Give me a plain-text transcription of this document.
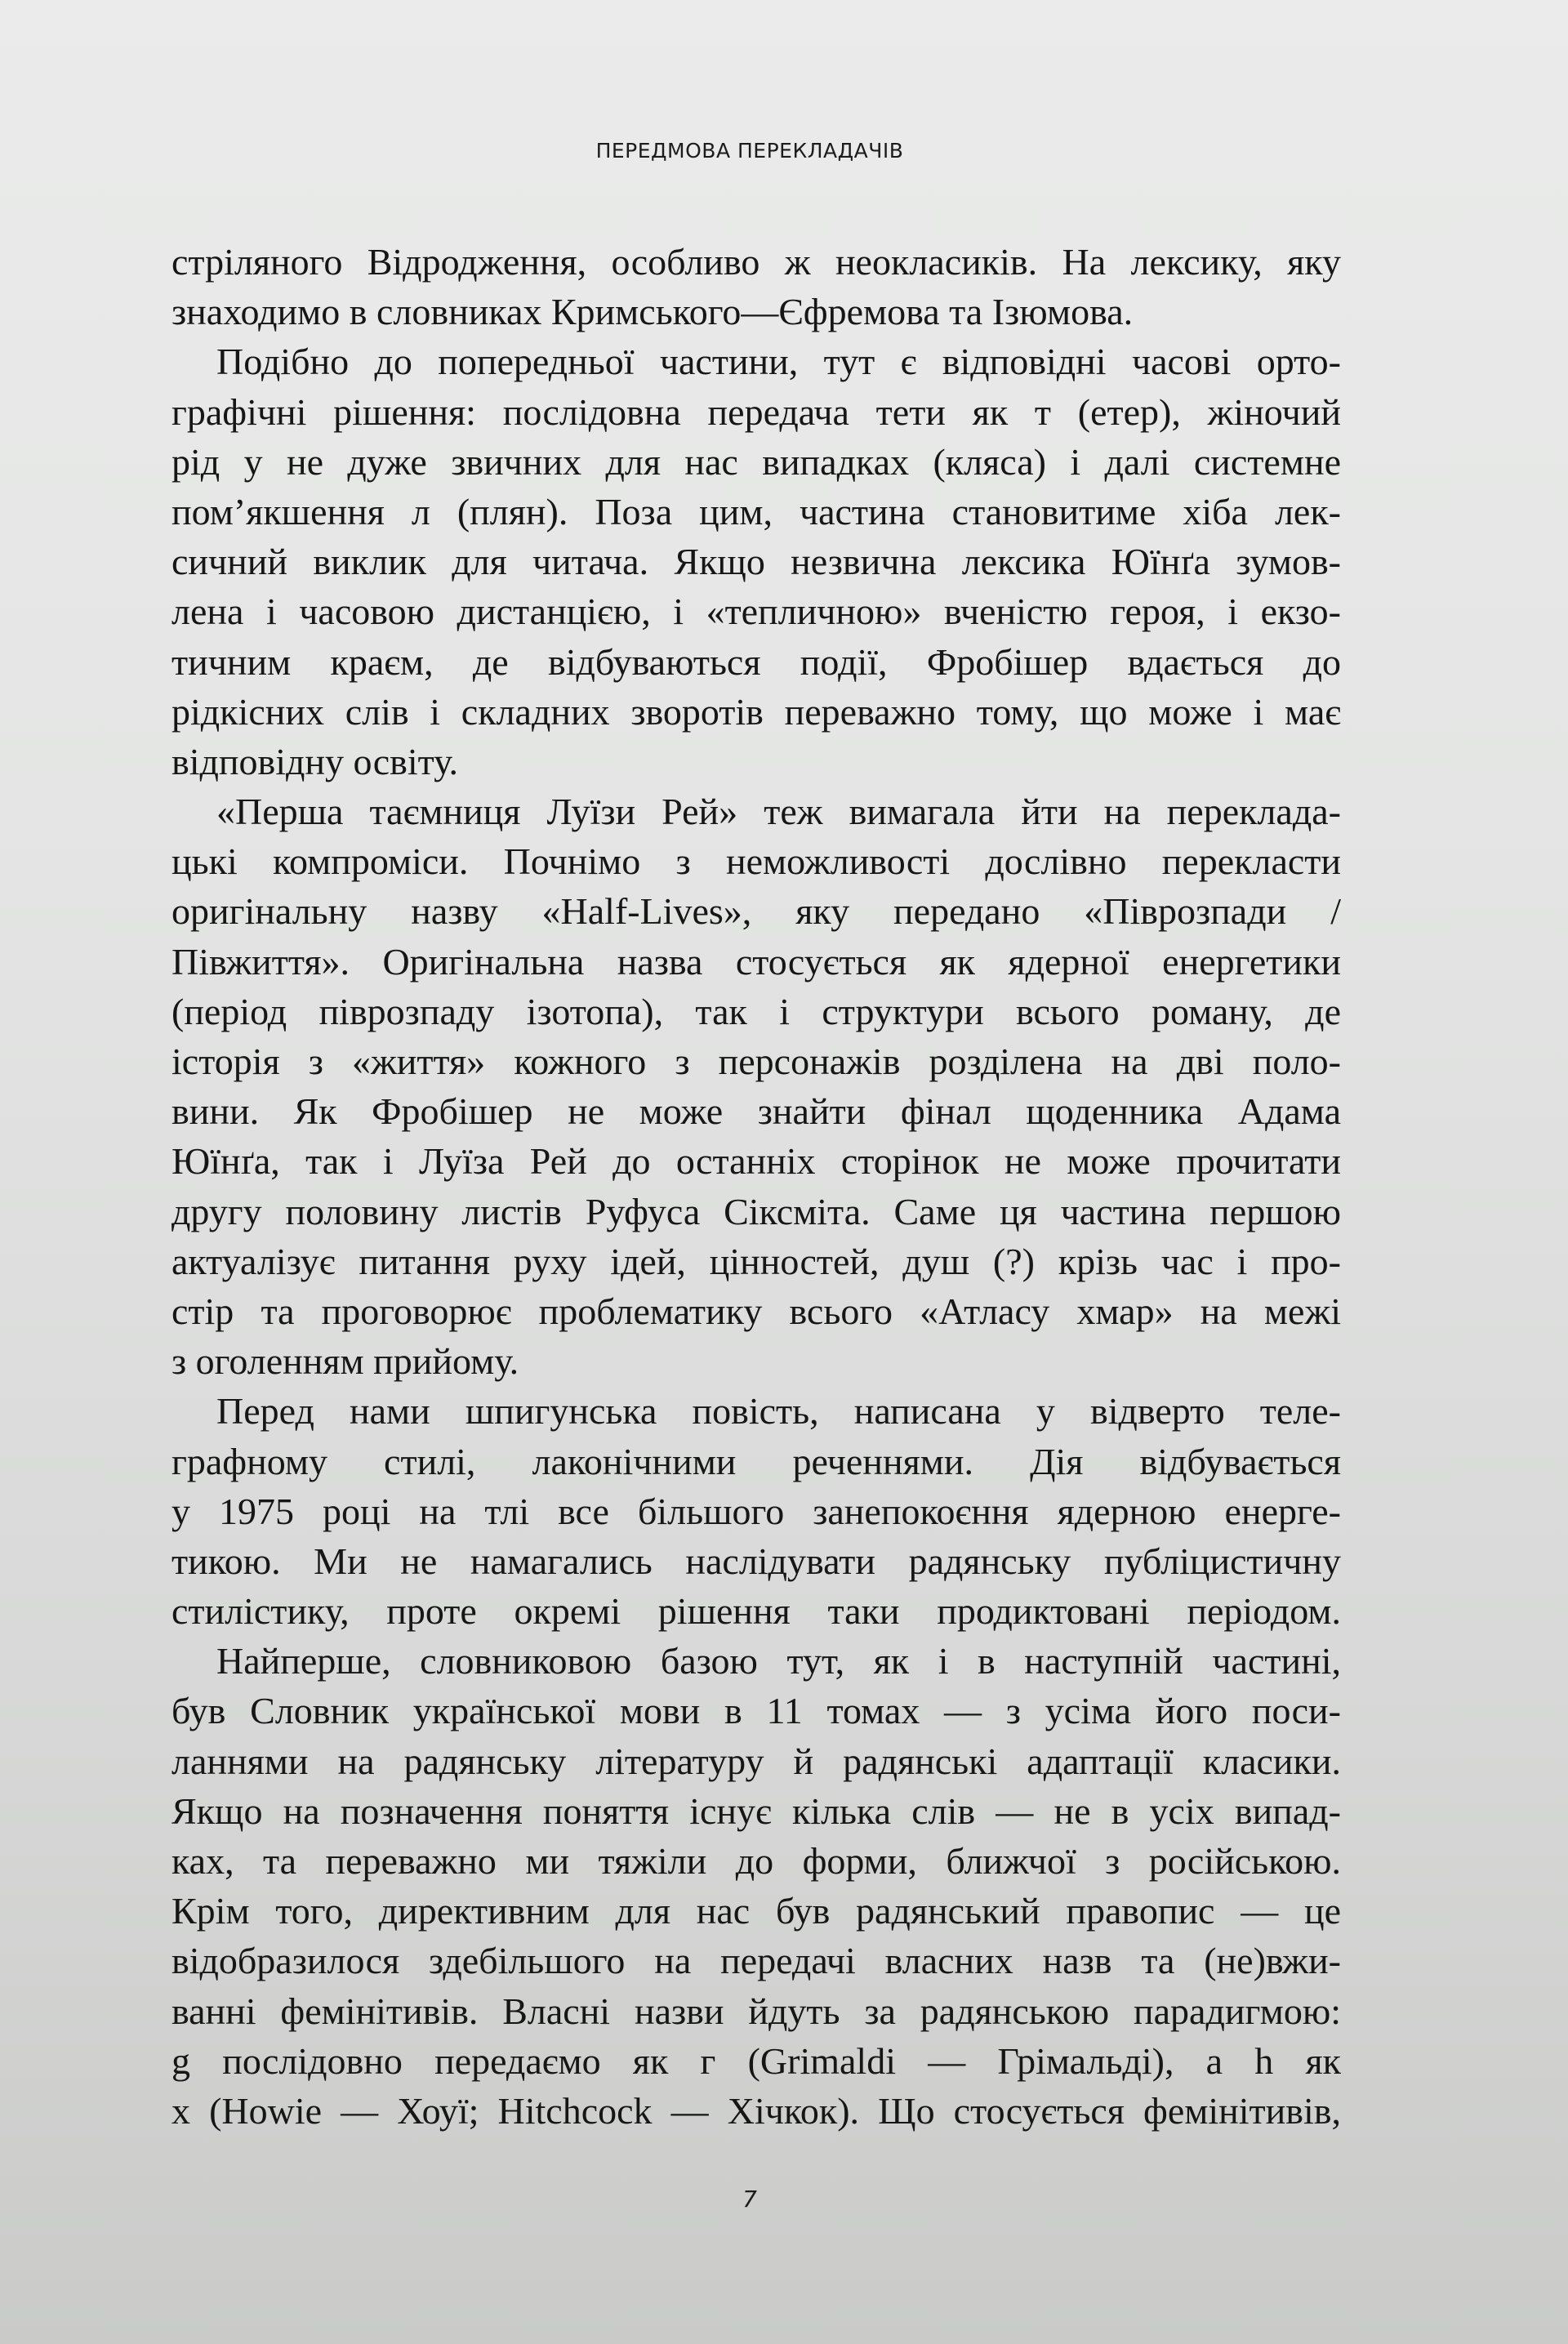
ПЕРЕДМОВА ПЕРЕКЛАДАЧІВ
стріляного Відродження, особливо ж неокласиків. На лексику, яку
знаходимо в словниках Кримського—Єфремова та Ізюмова.
Подібно до попередньої частини, тут є відповідні часові орто-
графічні рішення: послідовна передача тети як т (етер), жіночий
рід у не дуже звичних для нас випадках (кляса) і далі системне
пом’якшення л (плян). Поза цим, частина становитиме хіба лек-
сичний виклик для читача. Якщо незвична лексика Юїнґа зумов-
лена і часовою дистанцією, і «тепличною» вченістю героя, і екзо-
тичним краєм, де відбуваються події, Фробішер вдається до
рідкісних слів і складних зворотів переважно тому, що може і має
відповідну освіту.
«Перша таємниця Луїзи Рей» теж вимагала йти на переклада-
цькі компроміси. Почнімо з неможливості дослівно перекласти
оригінальну назву «Half-Lives», яку передано «Піврозпади /
Півжиття». Оригінальна назва стосується як ядерної енергетики
(період піврозпаду ізотопа), так і структури всього роману, де
історія з «життя» кожного з персонажів розділена на дві поло-
вини. Як Фробішер не може знайти фінал щоденника Адама
Юїнґа, так і Луїза Рей до останніх сторінок не може прочитати
другу половину листів Руфуса Сіксміта. Саме ця частина першою
актуалізує питання руху ідей, цінностей, душ (?) крізь час і про-
стір та проговорює проблематику всього «Атласу хмар» на межі
з оголенням прийому.
Перед нами шпигунська повість, написана у відверто теле-
графному стилі, лаконічними реченнями. Дія відбувається
у 1975 році на тлі все більшого занепокоєння ядерною енерге-
тикою. Ми не намагались наслідувати радянську публіцистичну
стилістику, проте окремі рішення таки продиктовані періодом.
Найперше, словниковою базою тут, як і в наступній частині,
був Словник української мови в 11 томах — з усіма його поси-
ланнями на радянську літературу й радянські адаптації класики.
Якщо на позначення поняття існує кілька слів — не в усіх випад-
ках, та переважно ми тяжіли до форми, ближчої з російською.
Крім того, директивним для нас був радянський правопис — це
відобразилося здебільшого на передачі власних назв та (не)вжи-
ванні фемінітивів. Власні назви йдуть за радянською парадигмою:
g послідовно передаємо як г (Grimaldi — Грімальді), а h як
x (Howie — Хоуї; Hitchcock — Хічкок). Що стосується фемінітивів,
7
